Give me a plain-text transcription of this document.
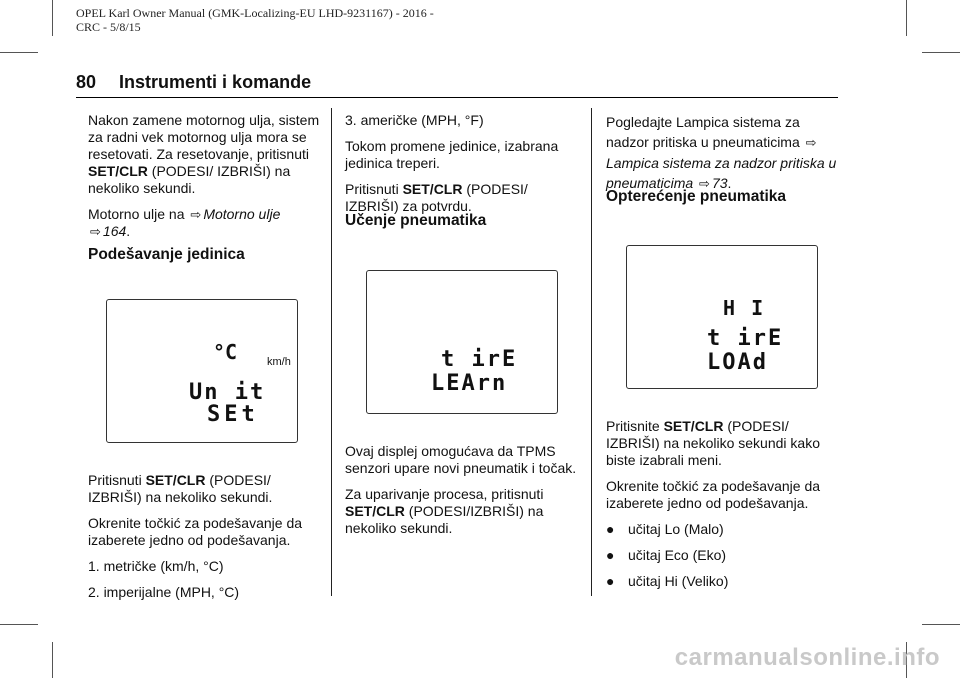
OPEL Karl Owner Manual (GMK-Localizing-EU LHD-9231167) - 2016 -
CRC - 5/8/15
80 Instrumenti i komande

Nakon zamene motornog ulja, sistem za radni vek motornog ulja mora se resetovati. Za resetovanje, pritisnuti SET/CLR (PODESI/ IZBRIŠI) na nekoliko sekundi.

Motorno ulje na ⇨ Motorno ulje ⇨ 164.

Podešavanje jedinica
°C	km/h
Un it
SEt

Pritisnuti SET/CLR (PODESI/ IZBRIŠI) na nekoliko sekundi.

Okrenite točkić za podešavanje da izaberete jedno od podešavanja.

1. metričke (km/h, °C)

2. imperijalne (MPH, °C)

3. američke (MPH, °F)

Tokom promene jedinice, izabrana jedinica treperi.

Pritisnuti SET/CLR (PODESI/ IZBRIŠI) za potvrdu.

Učenje pneumatika
t irE
LEArn

Ovaj displej omogućava da TPMS senzori upare novi pneumatik i točak.

Za uparivanje procesa, pritisnuti SET/CLR (PODESI/IZBRIŠI) na nekoliko sekundi.

Pogledajte Lampica sistema za nadzor pritiska u pneumaticima ⇨
Lampica sistema za nadzor pritiska u pneumaticima ⇨ 73.

Opterećenje pneumatika
H I
t irE
LOAd

Pritisnite SET/CLR (PODESI/ IZBRIŠI) na nekoliko sekundi kako biste izabrali meni.

Okrenite točkić za podešavanje da izaberete jedno od podešavanja.

● učitaj Lo (Malo)

● učitaj Eco (Eko)

● učitaj Hi (Veliko)

carmanualsonline.info
